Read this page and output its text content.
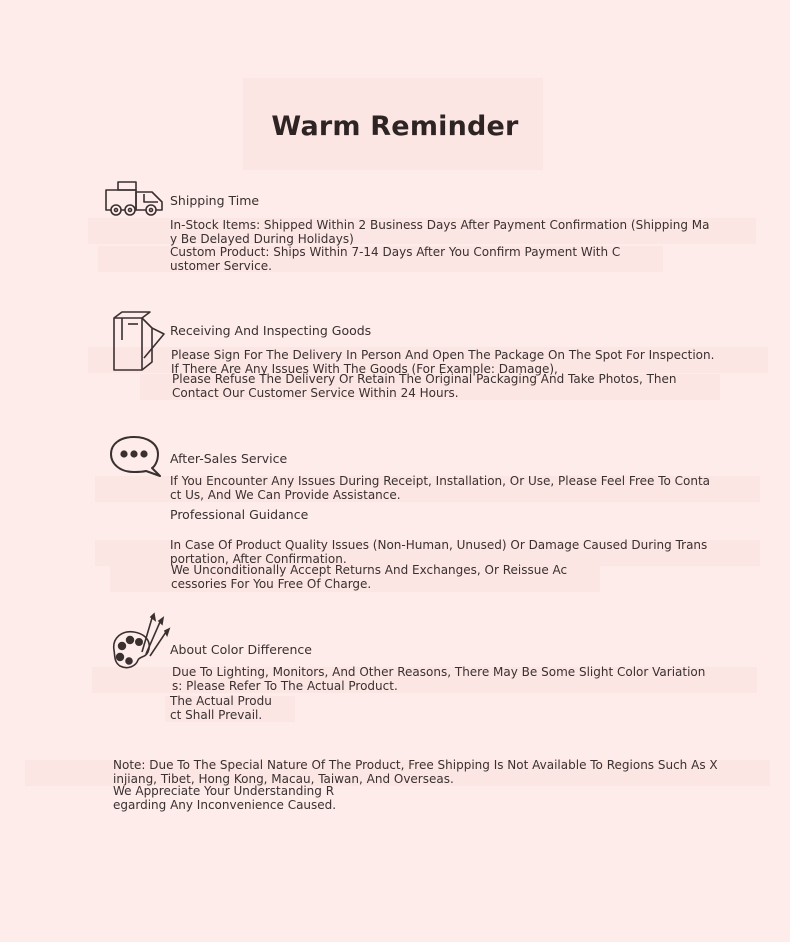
Warm Reminder
Shipping Time
In-Stock Items: Shipped Within 2 Business Days After Payment Confirmation (Shipping Ma
y Be Delayed During Holidays)
Custom Product: Ships Within 7-14 Days After You Confirm Payment With C
ustomer Service.
Receiving And Inspecting Goods
Please Sign For The Delivery In Person And Open The Package On The Spot For Inspection.
If There Are Any Issues With The Goods (For Example: Damage),
Please Refuse The Delivery Or Retain The Original Packaging And Take Photos, Then
Contact Our Customer Service Within 24 Hours.
After-Sales Service
If You Encounter Any Issues During Receipt, Installation, Or Use, Please Feel Free To Conta
ct Us, And We Can Provide Assistance.
Professional Guidance
In Case Of Product Quality Issues (Non-Human, Unused) Or Damage Caused During Trans
portation, After Confirmation.
We Unconditionally Accept Returns And Exchanges, Or Reissue Ac
cessories For You Free Of Charge.
About Color Difference
Due To Lighting, Monitors, And Other Reasons, There May Be Some Slight Color Variation
s: Please Refer To The Actual Product.
The Actual Produ
ct Shall Prevail.
Note: Due To The Special Nature Of The Product, Free Shipping Is Not Available To Regions Such As X
injiang, Tibet, Hong Kong, Macau, Taiwan, And Overseas.
We Appreciate Your Understanding R
egarding Any Inconvenience Caused.
